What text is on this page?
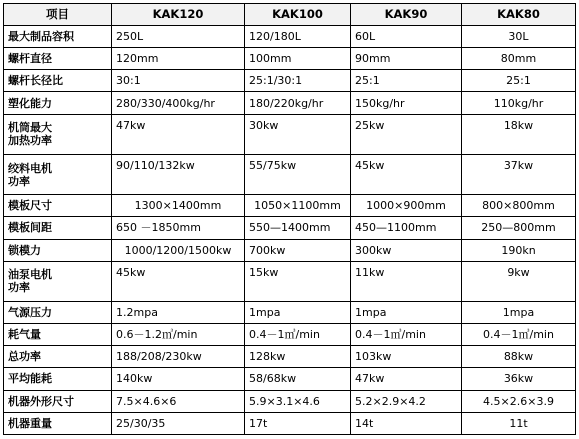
项目	KAK120	KAK100	KAK90	KAK80
最大制品容积	250L	120/180L	60L	30L
螺杆直径	120mm	100mm	90mm	80mm
螺杆长径比	30:1	25:1/30:1	25:1	25:1
塑化能力	280/330/400kg/hr	180/220kg/hr	150kg/hr	110kg/hr

机筒最大
加热功率	47kw	30kw	25kw	18kw

绞料电机
功率	90/110/132kw	55/75kw	45kw	37kw
模板尺寸	1300×1400mm	1050×1100mm	1000×900mm	800×800mm
模板间距	650 －1850mm	550—1400mm	450—1100mm	250—800mm
锁模力	1000/1200/1500kw	700kw	300kw	190kn

油泵电机
功率	45kw	15kw	11kw	9kw
气源压力	1.2mpa	1mpa	1mpa	1mpa
耗气量	0.6－1.2㎥/min	0.4－1㎥/min	0.4－1㎥/min	0.4－1㎥/min
总功率	188/208/230kw	128kw	103kw	88kw
平均能耗	140kw	58/68kw	47kw	36kw
机器外形尺寸	7.5×4.6×6	5.9×3.1×4.6	5.2×2.9×4.2	4.5×2.6×3.9
机器重量	25/30/35	17t	14t	11t
